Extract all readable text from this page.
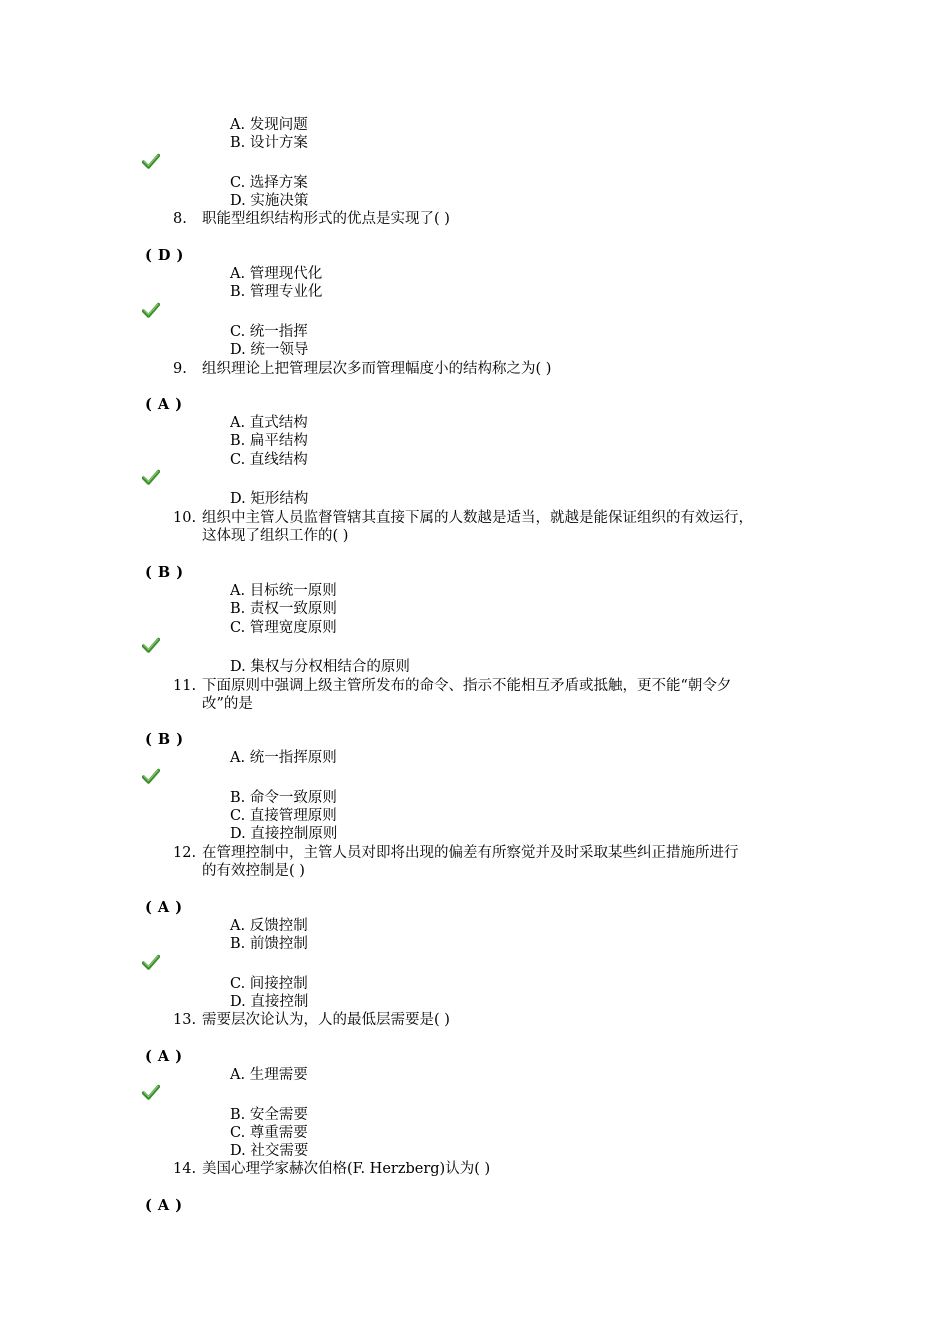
A. 发现问题
B. 设计方案
C. 选择方案
D. 实施决策
8. 职能型组织结构形式的优点是实现了( )
( D )
A. 管理现代化
B. 管理专业化
C. 统一指挥
D. 统一领导
9. 组织理论上把管理层次多而管理幅度小的结构称之为( )
( A )
A. 直式结构
B. 扁平结构
C. 直线结构
D. 矩形结构
10. 组织中主管人员监督管辖其直接下属的人数越是适当，就越是能保证组织的有效运行，
这体现了组织工作的( )
( B )
A. 目标统一原则
B. 责权一致原则
C. 管理宽度原则
D. 集权与分权相结合的原则
11. 下面原则中强调上级主管所发布的命令、指示不能相互矛盾或抵触，更不能“朝令夕
改”的是
( B )
A. 统一指挥原则
B. 命令一致原则
C. 直接管理原则
D. 直接控制原则
12. 在管理控制中，主管人员对即将出现的偏差有所察觉并及时采取某些纠正措施所进行
的有效控制是( )
( A )
A. 反馈控制
B. 前馈控制
C. 间接控制
D. 直接控制
13. 需要层次论认为，人的最低层需要是( )
( A )
A. 生理需要
B. 安全需要
C. 尊重需要
D. 社交需要
14. 美国心理学家赫次伯格(F. Herzberg)认为( )
( A )
